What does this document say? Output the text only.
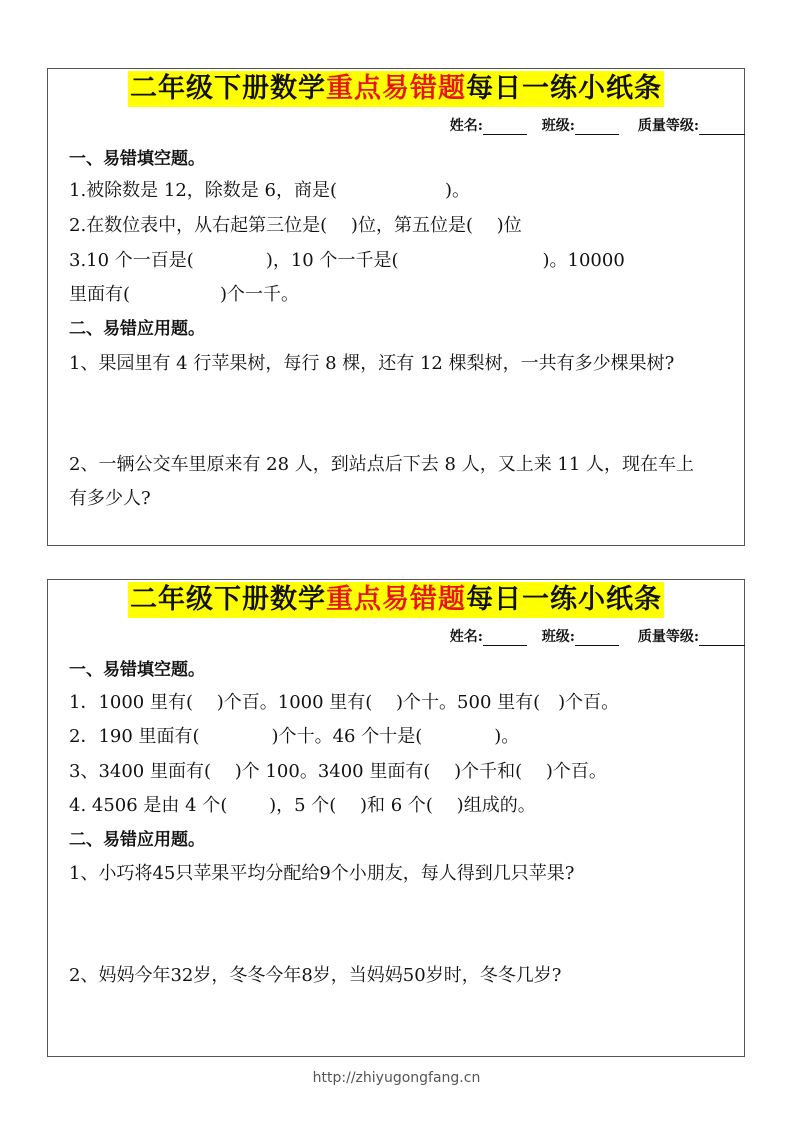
二年级下册数学重点易错题每日一练小纸条
姓名:	班级:	质量等级:
一、易错填空题。
1.被除数是 12，除数是 6，商是(　　　　　　)。
2.在数位表中，从右起第三位是(　 )位，第五位是(　 )位
3.10 个一百是(　　　　)，10 个一千是(　　　　　　　　)。10000
里面有(　　　　　)个一千。
二、易错应用题。
1、果园里有 4 行苹果树，每行 8 棵，还有 12 棵梨树，一共有多少棵果树?
2、一辆公交车里原来有 28 人，到站点后下去 8 人，又上来 11 人，现在车上
有多少人?
二年级下册数学重点易错题每日一练小纸条
姓名:	班级:	质量等级:
一、易错填空题。
1．1000 里有(　 )个百。1000 里有(　 )个十。500 里有(　)个百。
2．190 里面有(　　　　)个十。46 个十是(　　　　)。
3、3400 里面有(　 )个 100。3400 里面有(　 )个千和(　 )个百。
4. 4506 是由 4 个(　　 )，5 个(　 )和 6 个(　 )组成的。
二、易错应用题。
1、小巧将45只苹果平均分配给9个小朋友，每人得到几只苹果?
2、妈妈今年32岁，冬冬今年8岁，当妈妈50岁时，冬冬几岁?
http://zhiyugongfang.cn
